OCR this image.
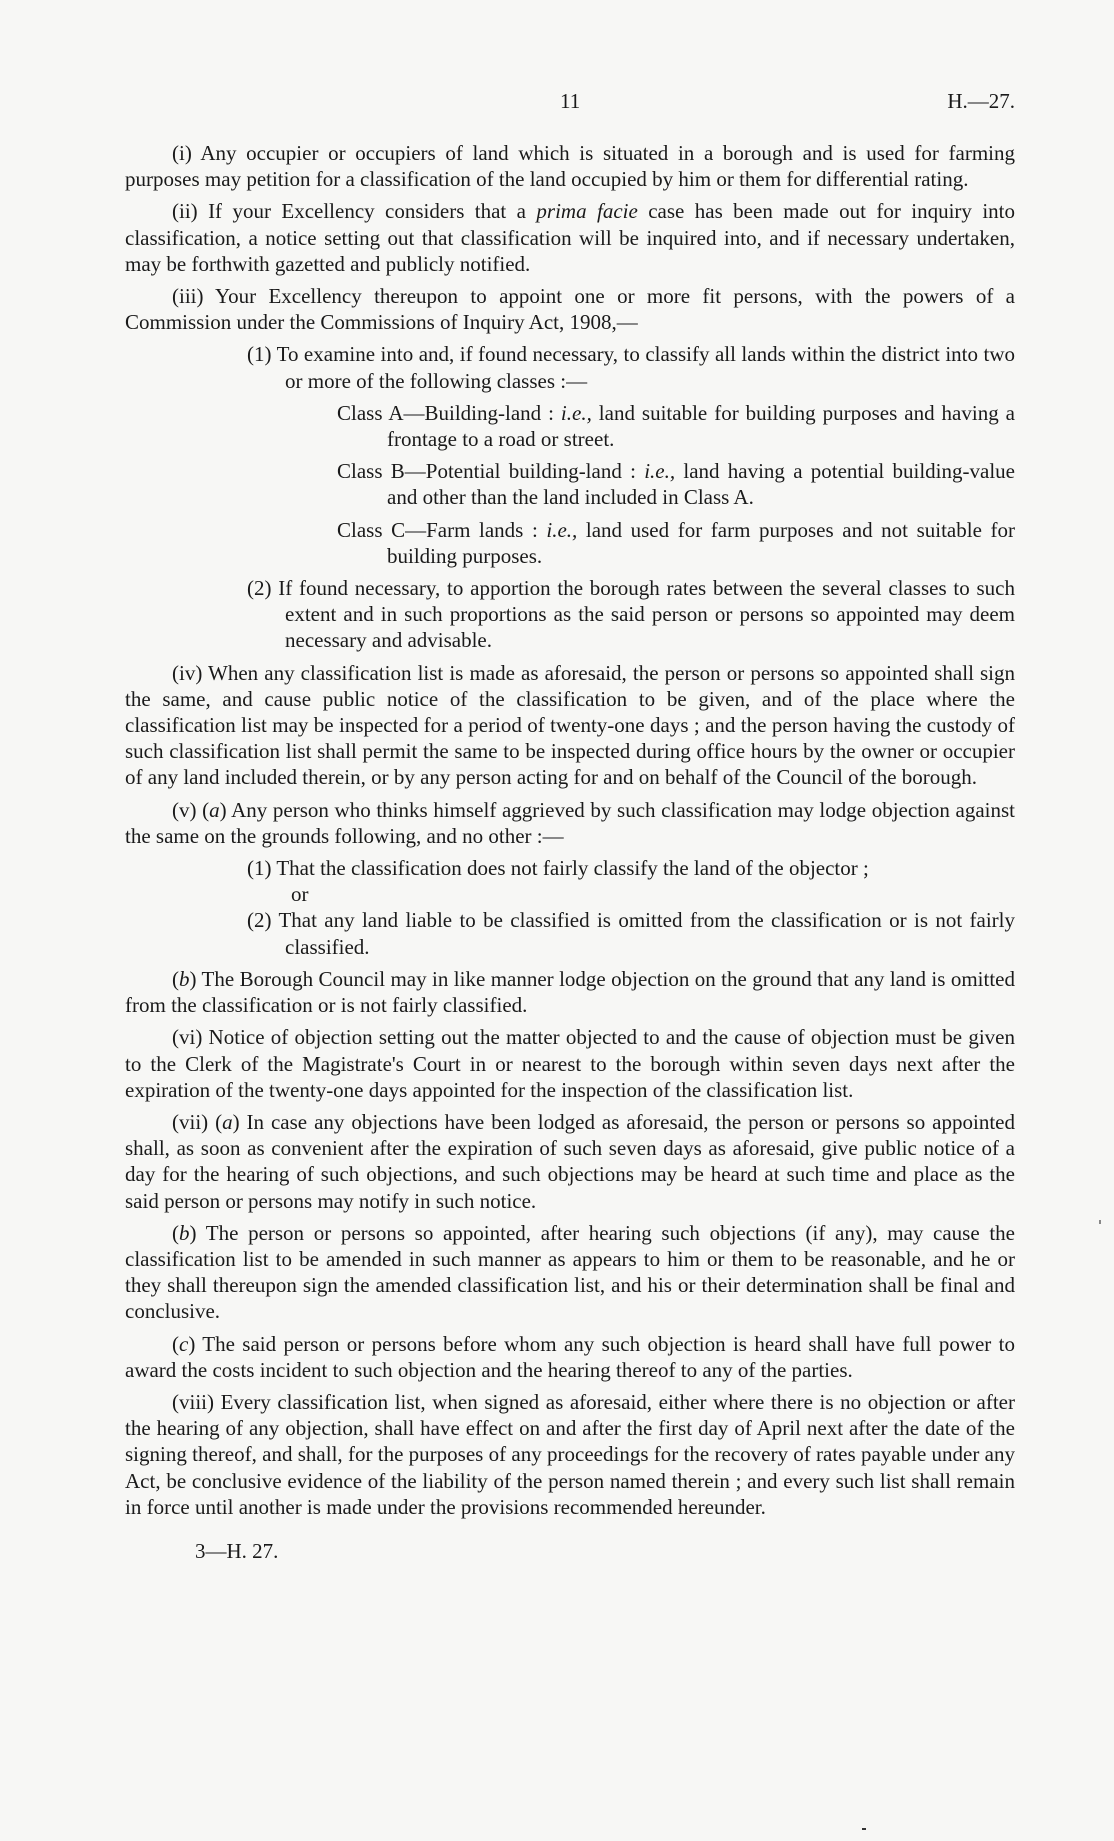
11	H.—27.

(i) Any occupier or occupiers of land which is situated in a borough and is used for farming purposes may petition for a classification of the land occupied by him or them for differential rating.

(ii) If your Excellency considers that a prima facie case has been made out for inquiry into classification, a notice setting out that classification will be inquired into, and if necessary undertaken, may be forthwith gazetted and publicly notified.

(iii) Your Excellency thereupon to appoint one or more fit persons, with the powers of a Commission under the Commissions of Inquiry Act, 1908,—

(1) To examine into and, if found necessary, to classify all lands within the district into two or more of the following classes :—

Class A—Building-land : i.e., land suitable for building purposes and having a frontage to a road or street.

Class B—Potential building-land : i.e., land having a potential building-value and other than the land included in Class A.

Class C—Farm lands : i.e., land used for farm purposes and not suitable for building purposes.

(2) If found necessary, to apportion the borough rates between the several classes to such extent and in such proportions as the said person or persons so appointed may deem necessary and advisable.

(iv) When any classification list is made as aforesaid, the person or persons so appointed shall sign the same, and cause public notice of the classification to be given, and of the place where the classification list may be inspected for a period of twenty-one days ; and the person having the custody of such classification list shall permit the same to be inspected during office hours by the owner or occupier of any land included therein, or by any person acting for and on behalf of the Council of the borough.

(v) (a) Any person who thinks himself aggrieved by such classification may lodge objection against the same on the grounds following, and no other :—

(1) That the classification does not fairly classify the land of the objector ;

or

(2) That any land liable to be classified is omitted from the classification or is not fairly classified.

(b) The Borough Council may in like manner lodge objection on the ground that any land is omitted from the classification or is not fairly classified.

(vi) Notice of objection setting out the matter objected to and the cause of objection must be given to the Clerk of the Magistrate's Court in or nearest to the borough within seven days next after the expiration of the twenty-one days appointed for the inspection of the classification list.

(vii) (a) In case any objections have been lodged as aforesaid, the person or persons so appointed shall, as soon as convenient after the expiration of such seven days as aforesaid, give public notice of a day for the hearing of such objections, and such objections may be heard at such time and place as the said person or persons may notify in such notice.

(b) The person or persons so appointed, after hearing such objections (if any), may cause the classification list to be amended in such manner as appears to him or them to be reasonable, and he or they shall thereupon sign the amended classification list, and his or their determination shall be final and conclusive.

(c) The said person or persons before whom any such objection is heard shall have full power to award the costs incident to such objection and the hearing thereof to any of the parties.

(viii) Every classification list, when signed as aforesaid, either where there is no objection or after the hearing of any objection, shall have effect on and after the first day of April next after the date of the signing thereof, and shall, for the purposes of any proceedings for the recovery of rates payable under any Act, be conclusive evidence of the liability of the person named therein ; and every such list shall remain in force until another is made under the provisions recommended hereunder.

3—H. 27.
